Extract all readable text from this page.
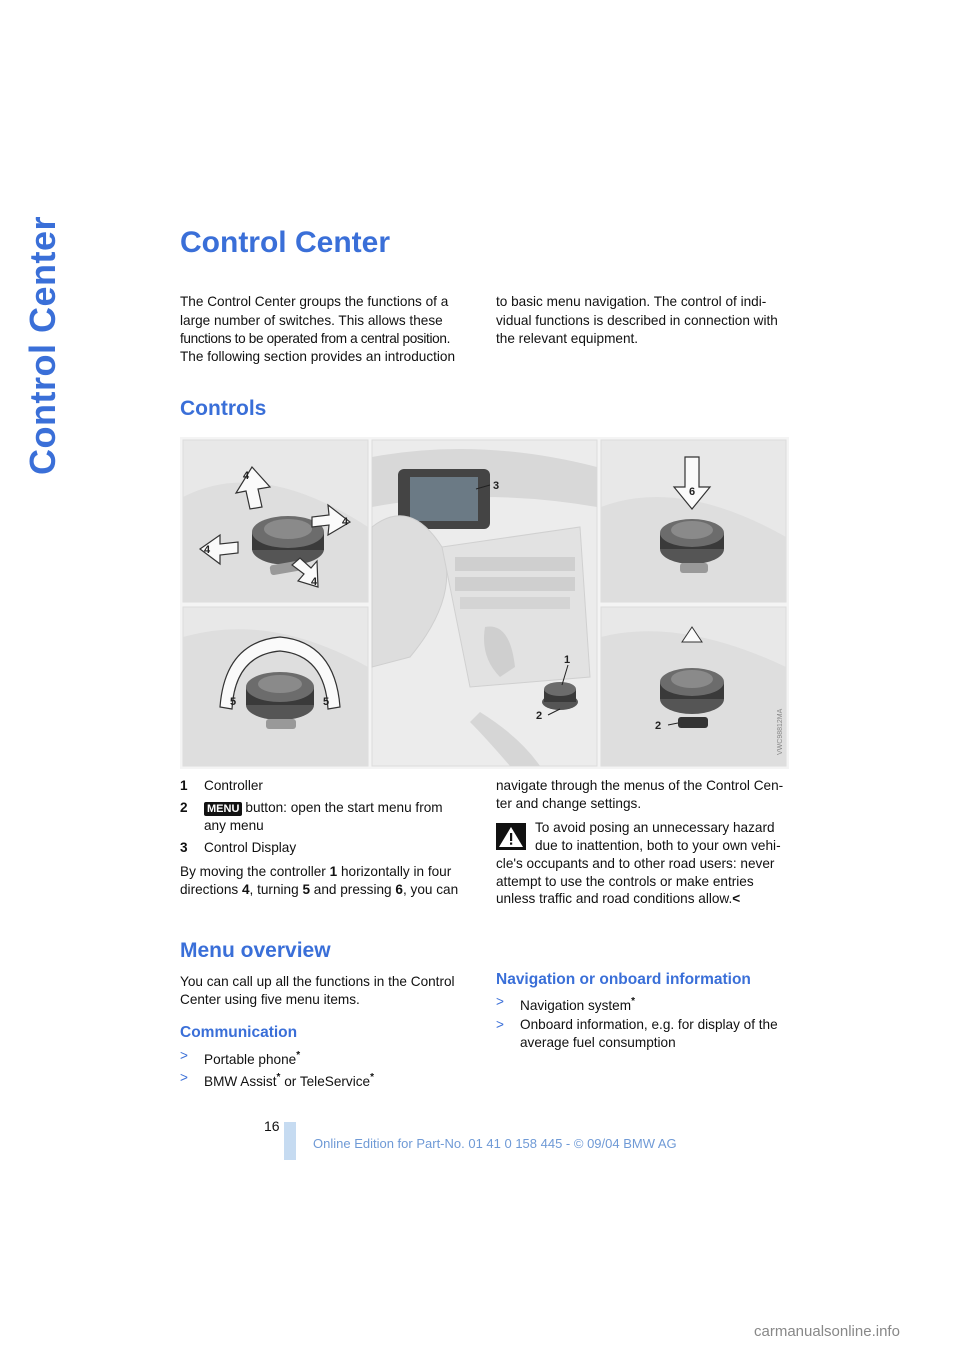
Control Center	Control Center

The Control Center groups the functions of a

large number of switches. This allows these

functions to be operated from a central position.

The following section provides an introduction

to basic menu navigation. The control of indi-

vidual functions is described in connection with

the relevant equipment.

Controls
4
4
4
4
5	5
3
1
2
6
2	VWC98812MA
1 Controller
2 MENU button: open the start menu from
any menu
3 Control Display

By moving the controller 1 horizontally in four

directions 4, turning 5 and pressing 6, you can

navigate through the menus of the Control Cen-

ter and change settings.

To avoid posing an unnecessary hazard

due to inattention, both to your own vehi-

cle's occupants and to other road users: never

attempt to use the controls or make entries

unless traffic and road conditions allow.<

Menu overview

You can call up all the functions in the Control

Center using five menu items.

Communication
> Portable phone*
> BMW Assist* or TeleService*
Navigation or onboard information
> Navigation system*
> Onboard information, e.g. for display of the
average fuel consumption
16
Online Edition for Part-No. 01 41 0 158 445 - © 09/04 BMW AG
carmanualsonline.info
